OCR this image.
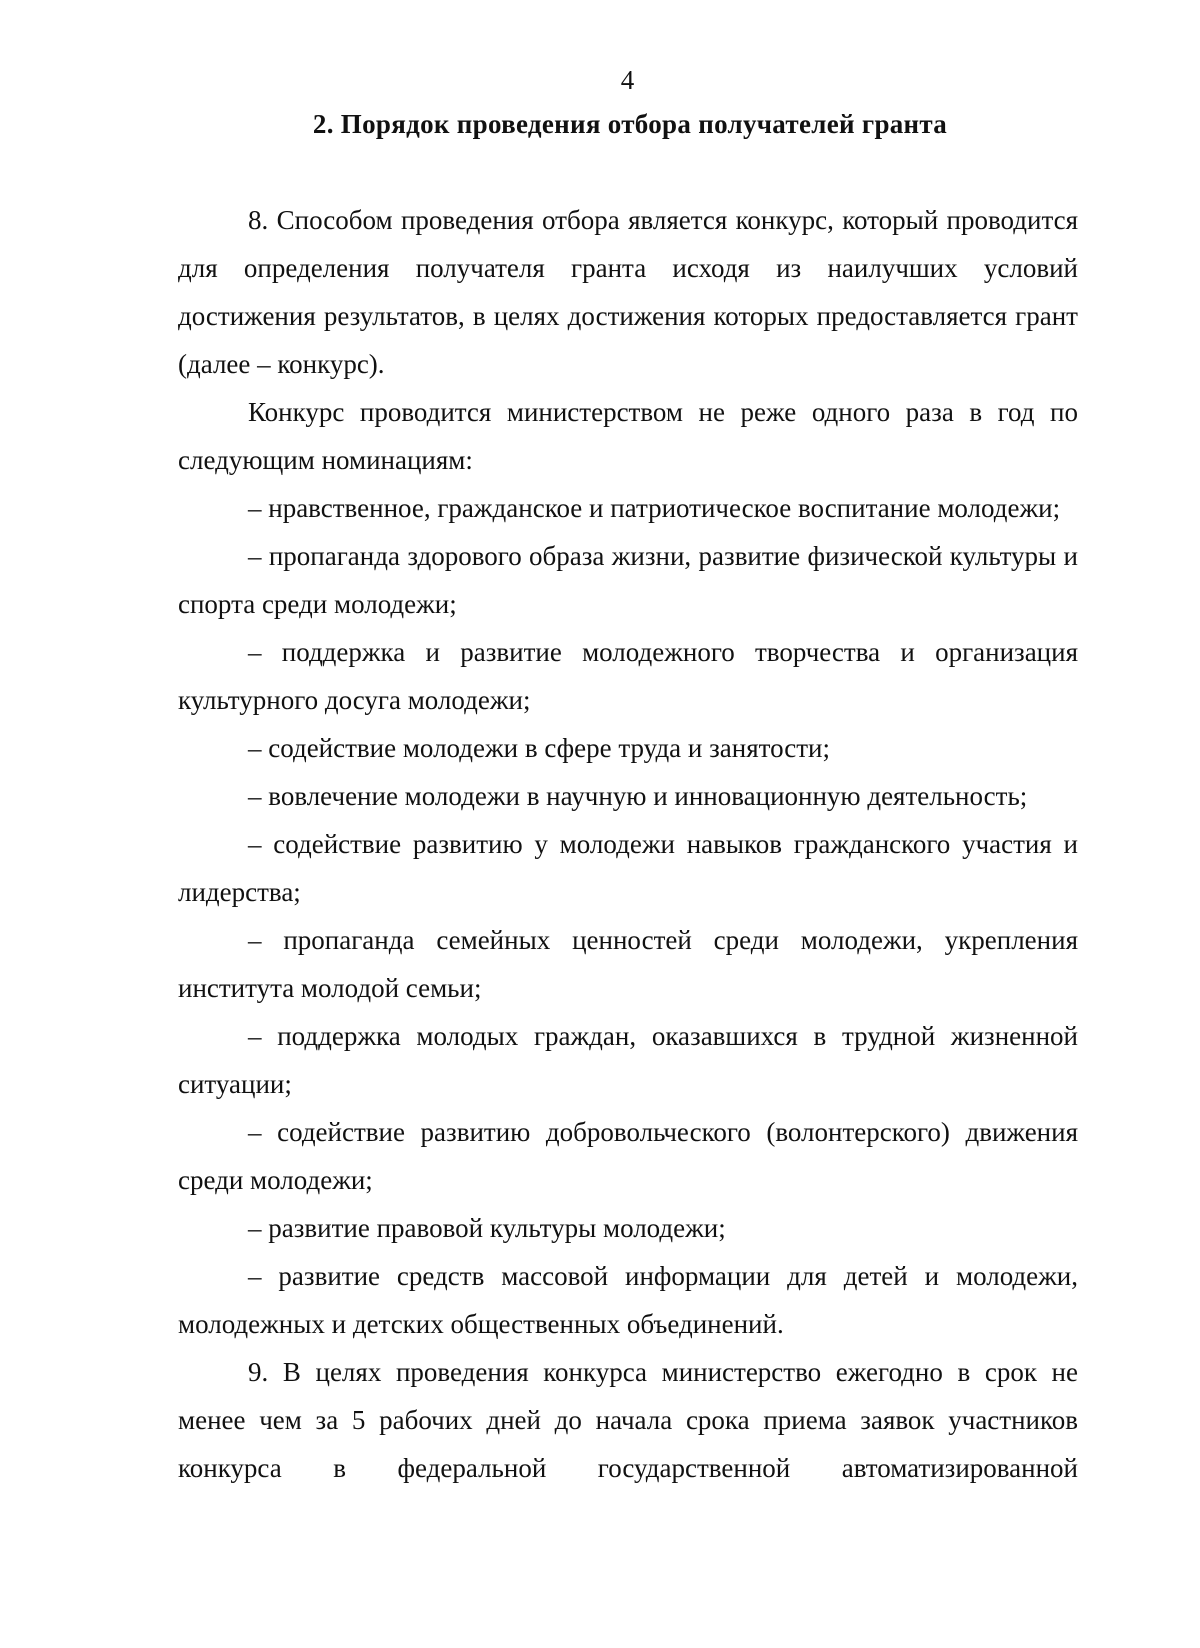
4
2. Порядок проведения отбора получателей гранта

8. Способом проведения отбора является конкурс, который проводится для определения получателя гранта исходя из наилучших условий достижения результатов, в целях достижения которых предоставляется грант (далее – конкурс).

Конкурс проводится министерством не реже одного раза в год по следующим номинациям:

– нравственное, гражданское и патриотическое воспитание молодежи;

– пропаганда здорового образа жизни, развитие физической культуры и спорта среди молодежи;

– поддержка и развитие молодежного творчества и организация культурного досуга молодежи;

– содействие молодежи в сфере труда и занятости;

– вовлечение молодежи в научную и инновационную деятельность;

– содействие развитию у молодежи навыков гражданского участия и лидерства;

– пропаганда семейных ценностей среди молодежи, укрепления института молодой семьи;

– поддержка молодых граждан, оказавшихся в трудной жизненной ситуации;

– содействие развитию добровольческого (волонтерского) движения среди молодежи;

– развитие правовой культуры молодежи;

– развитие средств массовой информации для детей и молодежи, молодежных и детских общественных объединений.

9. В целях проведения конкурса министерство ежегодно в срок не менее чем за 5 рабочих дней до начала срока приема заявок участников конкурса в федеральной государственной автоматизированной
